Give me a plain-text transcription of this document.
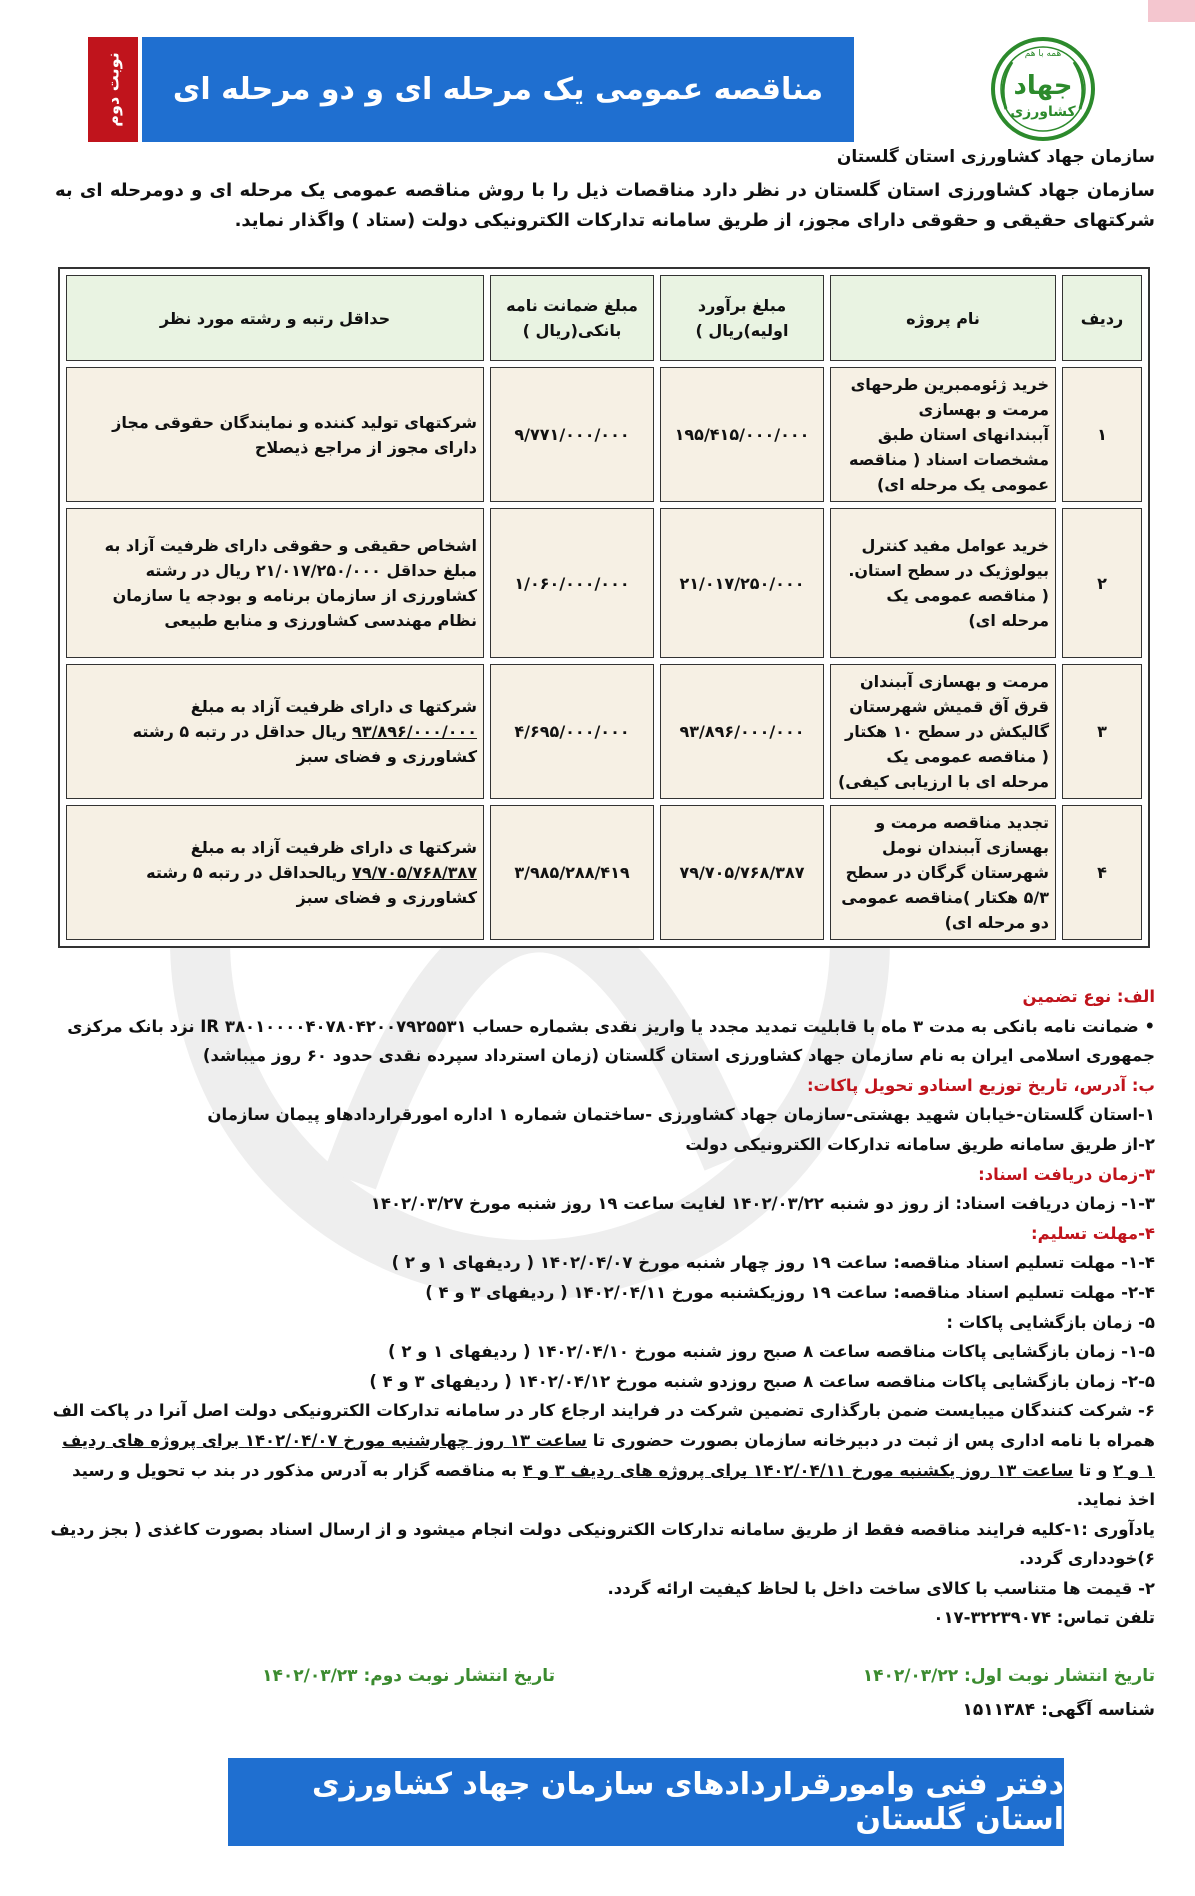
همه با هم
جهاد
کشاورزی
مناقصه عمومی یک مرحله ای و دو مرحله ای
نوبت دوم
سازمان جهاد کشاورزی استان گلستان
سازمان جهاد کشاورزی استان گلستان در نظر دارد مناقصات ذیل را با روش مناقصه عمومی یک مرحله ای و دومرحله ای به شرکتهای حقیقی و حقوقی دارای مجوز، از طریق سامانه تدارکات الکترونیکی دولت (ستاد ) واگذار نماید.
ردیف	نام پروژه	مبلغ برآورد اولیه)ریال )	مبلغ ضمانت نامه بانکی(ریال )	حداقل رتبه و رشته مورد نظر
۱	خرید ژئوممبرین طرحهای مرمت و بهسازی آببندانهای استان طبق مشخصات اسناد ( مناقصه عمومی یک مرحله ای)	۱۹۵/۴۱۵/۰۰۰/۰۰۰	۹/۷۷۱/۰۰۰/۰۰۰	شرکتهای تولید کننده و نمایندگان حقوقی مجاز دارای مجوز از مراجع ذیصلاح
۲	خرید عوامل مفید کنترل بیولوژیک در سطح استان. ( مناقصه عمومی یک مرحله ای)	۲۱/۰۱۷/۲۵۰/۰۰۰	۱/۰۶۰/۰۰۰/۰۰۰	اشخاص حقیقی و حقوقی دارای ظرفیت آزاد به مبلغ حداقل ۲۱/۰۱۷/۲۵۰/۰۰۰ ریال در رشته کشاورزی از سازمان برنامه و بودجه یا سازمان نظام مهندسی کشاورزی و منابع طبیعی
۳	مرمت و بهسازی آببندان قرق آق قمیش شهرستان گالیکش در سطح ۱۰ هکتار ( مناقصه عمومی یک مرحله ای با ارزیابی کیفی)	۹۳/۸۹۶/۰۰۰/۰۰۰	۴/۶۹۵/۰۰۰/۰۰۰	شرکتها ی دارای ظرفیت آزاد به مبلغ ۹۳/۸۹۶/۰۰۰/۰۰۰ ریال حداقل در رتبه ۵ رشته کشاورزی و فضای سبز
۴	تجدید مناقصه مرمت و بهسازی آببندان نومل شهرستان گرگان در سطح ۵/۳ هکتار )مناقصه عمومی دو مرحله ای)	۷۹/۷۰۵/۷۶۸/۳۸۷	۳/۹۸۵/۲۸۸/۴۱۹	شرکتها ی دارای ظرفیت آزاد به مبلغ ۷۹/۷۰۵/۷۶۸/۳۸۷ ریالحداقل در رتبه ۵ رشته کشاورزی و فضای سبز

الف: نوع تضمین

• ضمانت نامه بانکی به مدت ۳ ماه با قابلیت تمدید مجدد یا واریز نقدی بشماره حساب IR ۳۸۰۱۰۰۰۰۴۰۷۸۰۴۲۰۰۷۹۲۵۵۳۱ نزد بانک مرکزی جمهوری اسلامی ایران به نام سازمان جهاد کشاورزی استان گلستان (زمان استرداد سپرده نقدی حدود ۶۰ روز میباشد)

ب: آدرس، تاریخ توزیع اسنادو تحویل پاکات:

۱-استان گلستان-خیابان شهید بهشتی-سازمان جهاد کشاورزی -ساختمان شماره ۱ اداره امورقراردادهاو پیمان سازمان

۲-از طریق سامانه طریق سامانه تدارکات الکترونیکی دولت

۳-زمان دریافت اسناد:

۱-۳- زمان دریافت اسناد: از روز دو شنبه ۱۴۰۲/۰۳/۲۲ لغایت ساعت ۱۹ روز شنبه مورخ ۱۴۰۲/۰۳/۲۷

۴-مهلت تسلیم:

۱-۴- مهلت تسلیم اسناد مناقصه: ساعت ۱۹ روز چهار شنبه مورخ ۱۴۰۲/۰۴/۰۷ ( ردیفهای ۱ و ۲ )

۲-۴- مهلت تسلیم اسناد مناقصه: ساعت ۱۹ روزیکشنبه مورخ ۱۴۰۲/۰۴/۱۱ ( ردیفهای ۳ و ۴ )

۵- زمان بازگشایی پاکات :

۱-۵- زمان بازگشایی پاکات مناقصه ساعت ۸ صبح روز شنبه مورخ ۱۴۰۲/۰۴/۱۰ ( ردیفهای ۱ و ۲ )

۲-۵- زمان بازگشایی پاکات مناقصه ساعت ۸ صبح روزدو شنبه مورخ ۱۴۰۲/۰۴/۱۲ ( ردیفهای ۳ و ۴ )

۶- شرکت کنندگان میبایست ضمن بارگذاری تضمین شرکت در فرایند ارجاع کار در سامانه تدارکات الکترونیکی دولت اصل آنرا در پاکت الف همراه با نامه اداری پس از ثبت در دبیرخانه سازمان بصورت حضوری تا ساعت ۱۳ روز چهارشنبه مورخ ۱۴۰۲/۰۴/۰۷ برای پروژه های ردیف ۱ و ۲ و تا ساعت ۱۳ روز یکشنبه مورخ ۱۴۰۲/۰۴/۱۱ برای پروژه های ردیف ۳ و ۴ به مناقصه گزار به آدرس مذکور در بند ب تحویل و رسید اخذ نماید.

یادآوری :۱-کلیه فرایند مناقصه فقط از طریق سامانه تدارکات الکترونیکی دولت انجام میشود و از ارسال اسناد بصورت کاغذی ( بجز ردیف ۶)خودداری گردد.

۲- قیمت ها متناسب با کالای ساخت داخل با لحاظ کیفیت ارائه گردد.

تلفن تماس: ۳۲۲۳۹۰۷۴-۰۱۷

تاریخ انتشار نوبت اول: ۱۴۰۲/۰۳/۲۲
تاریخ انتشار نوبت دوم: ۱۴۰۲/۰۳/۲۳
شناسه آگهی: ۱۵۱۱۳۸۴
دفتر فنی وامورقراردادهای سازمان جهاد کشاورزی استان گلستان
